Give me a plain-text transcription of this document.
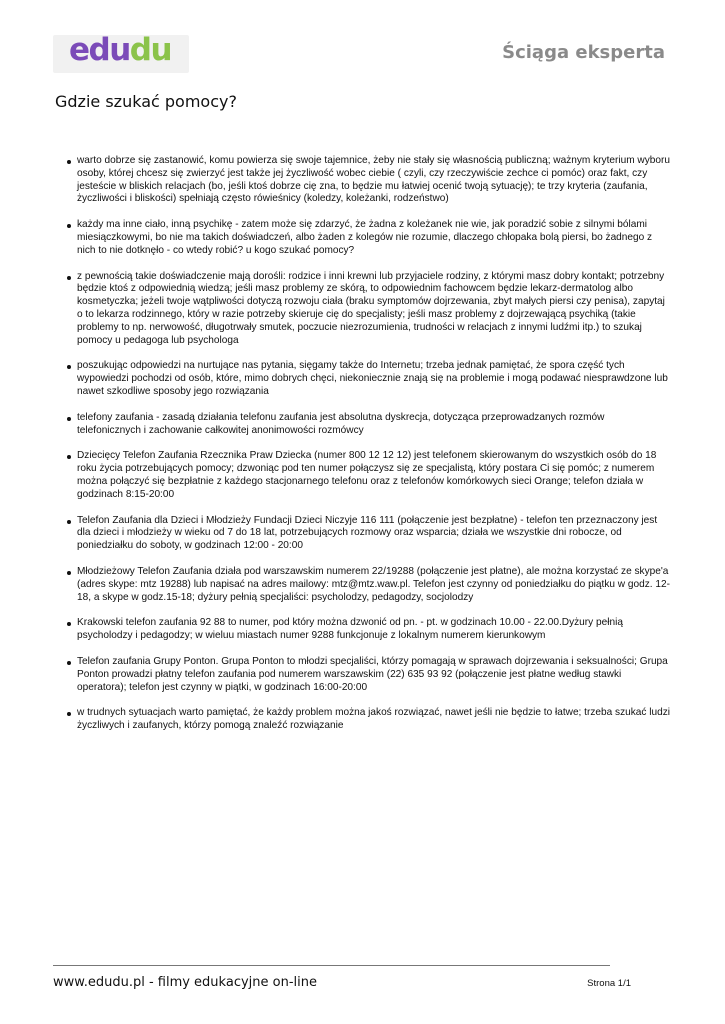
edudu	Ściąga eksperta
Gdzie szukać pomocy?
warto dobrze się zastanowić, komu powierza się swoje tajemnice, żeby nie stały się własnością publiczną; ważnym kryterium wyboru osoby, której chcesz się zwierzyć jest także jej życzliwość wobec ciebie ( czyli, czy rzeczywiście zechce ci pomóc) oraz fakt, czy jesteście w bliskich relacjach (bo, jeśli ktoś dobrze cię zna, to będzie mu łatwiej ocenić twoją sytuację); te trzy kryteria (zaufania, życzliwości i bliskości) spełniają często rówieśnicy (koledzy, koleżanki, rodzeństwo)
każdy ma inne ciało, inną psychikę - zatem może się zdarzyć, że żadna z koleżanek nie wie, jak poradzić sobie z silnymi bólami miesiączkowymi, bo nie ma takich doświadczeń, albo żaden z kolegów nie rozumie, dlaczego chłopaka bolą piersi, bo żadnego z nich to nie dotknęło - co wtedy robić? u kogo szukać pomocy?
z pewnością takie doświadczenie mają dorośli: rodzice i inni krewni lub przyjaciele rodziny, z którymi masz dobry kontakt; potrzebny będzie ktoś z odpowiednią wiedzą; jeśli masz problemy ze skórą, to odpowiednim fachowcem będzie lekarz-dermatolog albo kosmetyczka; jeżeli twoje wątpliwości dotyczą rozwoju ciała (braku symptomów dojrzewania, zbyt małych piersi czy penisa), zapytaj o to lekarza rodzinnego, który w razie potrzeby skieruje cię do specjalisty; jeśli masz problemy z dojrzewającą psychiką (takie problemy to np. nerwowość, długotrwały smutek, poczucie niezrozumienia, trudności w relacjach z innymi ludźmi itp.) to szukaj pomocy u pedagoga lub psychologa
poszukując odpowiedzi na nurtujące nas pytania, sięgamy także do Internetu; trzeba jednak pamiętać, że spora część tych wypowiedzi pochodzi od osób, które, mimo dobrych chęci, niekoniecznie znają się na problemie i mogą podawać niesprawdzone lub nawet szkodliwe sposoby jego rozwiązania
telefony zaufania - zasadą działania telefonu zaufania jest absolutna dyskrecja, dotycząca przeprowadzanych rozmów telefonicznych i zachowanie całkowitej anonimowości rozmówcy
Dziecięcy Telefon Zaufania Rzecznika Praw Dziecka (numer 800 12 12 12) jest telefonem skierowanym do wszystkich osób do 18 roku życia potrzebujących pomocy; dzwoniąc pod ten numer połączysz się ze specjalistą, który postara Ci się pomóc; z numerem można połączyć się bezpłatnie z każdego stacjonarnego telefonu oraz z telefonów komórkowych sieci Orange; telefon działa w godzinach 8:15-20:00
Telefon Zaufania dla Dzieci i Młodzieży Fundacji Dzieci Niczyje 116 111 (połączenie jest bezpłatne) - telefon ten przeznaczony jest dla dzieci i młodzieży w wieku od 7 do 18 lat, potrzebujących rozmowy oraz wsparcia; działa we wszystkie dni robocze, od poniedziałku do soboty, w godzinach 12:00 - 20:00
Młodzieżowy Telefon Zaufania działa pod warszawskim numerem 22/19288 (połączenie jest płatne), ale można korzystać ze skype'a (adres skype: mtz 19288) lub napisać na adres mailowy: mtz@mtz.waw.pl. Telefon jest czynny od poniedziałku do piątku w godz. 12-18, a skype w godz.15-18; dyżury pełnią specjaliści: psycholodzy, pedagodzy, socjolodzy
Krakowski telefon zaufania 92 88 to numer, pod który można dzwonić od pn. - pt. w godzinach 10.00 - 22.00.Dyżury pełnią psycholodzy i pedagodzy; w wieluu miastach numer 9288 funkcjonuje z lokalnym numerem kierunkowym
Telefon zaufania Grupy Ponton. Grupa Ponton to młodzi specjaliści, którzy pomagają w sprawach dojrzewania i seksualności; Grupa Ponton prowadzi płatny telefon zaufania pod numerem warszawskim (22) 635 93 92 (połączenie jest płatne według stawki operatora); telefon jest czynny w piątki, w godzinach 16:00-20:00
w trudnych sytuacjach warto pamiętać, że każdy problem można jakoś rozwiązać, nawet jeśli nie będzie to łatwe; trzeba szukać ludzi życzliwych i zaufanych, którzy pomogą znaleźć rozwiązanie
www.edudu.pl - filmy edukacyjne on-line	Strona 1/1
